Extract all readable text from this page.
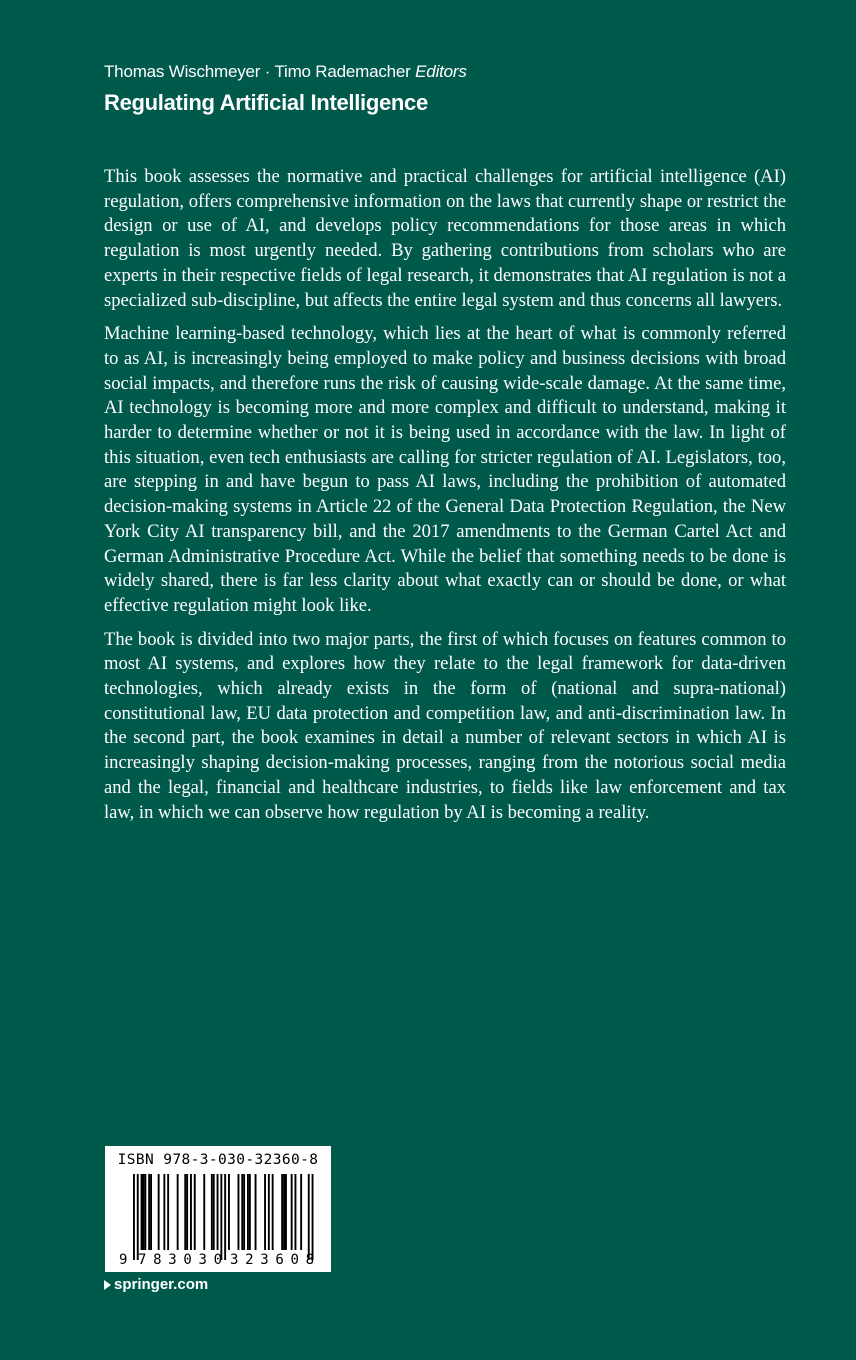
Thomas Wischmeyer · Timo Rademacher Editors
Regulating Artificial Intelligence

This book assesses the normative and practical challenges for artificial intelligence (AI) regulation, offers comprehensive information on the laws that currently shape or restrict the design or use of AI, and develops policy recommendations for those areas in which regulation is most urgently needed. By gathering contributions from scholars who are experts in their respective fields of legal research, it demonstrates that AI regulation is not a specialized sub-discipline, but affects the entire legal system and thus concerns all lawyers.

Machine learning-based technology, which lies at the heart of what is commonly referred to as AI, is increasingly being employed to make policy and business decisions with broad social impacts, and therefore runs the risk of causing wide-scale damage. At the same time, AI technology is becoming more and more complex and difficult to understand, making it harder to determine whether or not it is being used in accordance with the law. In light of this situation, even tech enthusiasts are calling for stricter regulation of AI. Legislators, too, are stepping in and have begun to pass AI laws, including the prohibition of automated decision-making systems in Article 22 of the General Data Protection Regulation, the New York City AI transparency bill, and the 2017 amendments to the German Cartel Act and German Administrative Procedure Act. While the belief that something needs to be done is widely shared, there is far less clarity about what exactly can or should be done, or what effective regulation might look like.

The book is divided into two major parts, the first of which focuses on features common to most AI systems, and explores how they relate to the legal framework for data-driven technologies, which already exists in the form of (national and supra-national) constitutional law, EU data protection and competition law, and anti-discrimination law. In the second part, the book examines in detail a number of relevant sectors in which AI is increasingly shaping decision-making processes, ranging from the notorious social media and the legal, financial and healthcare industries, to fields like law enforcement and tax law, in which we can observe how regulation by AI is becoming a reality.

ISBN 978-3-030-32360-8
9 783030 323608
springer.com
